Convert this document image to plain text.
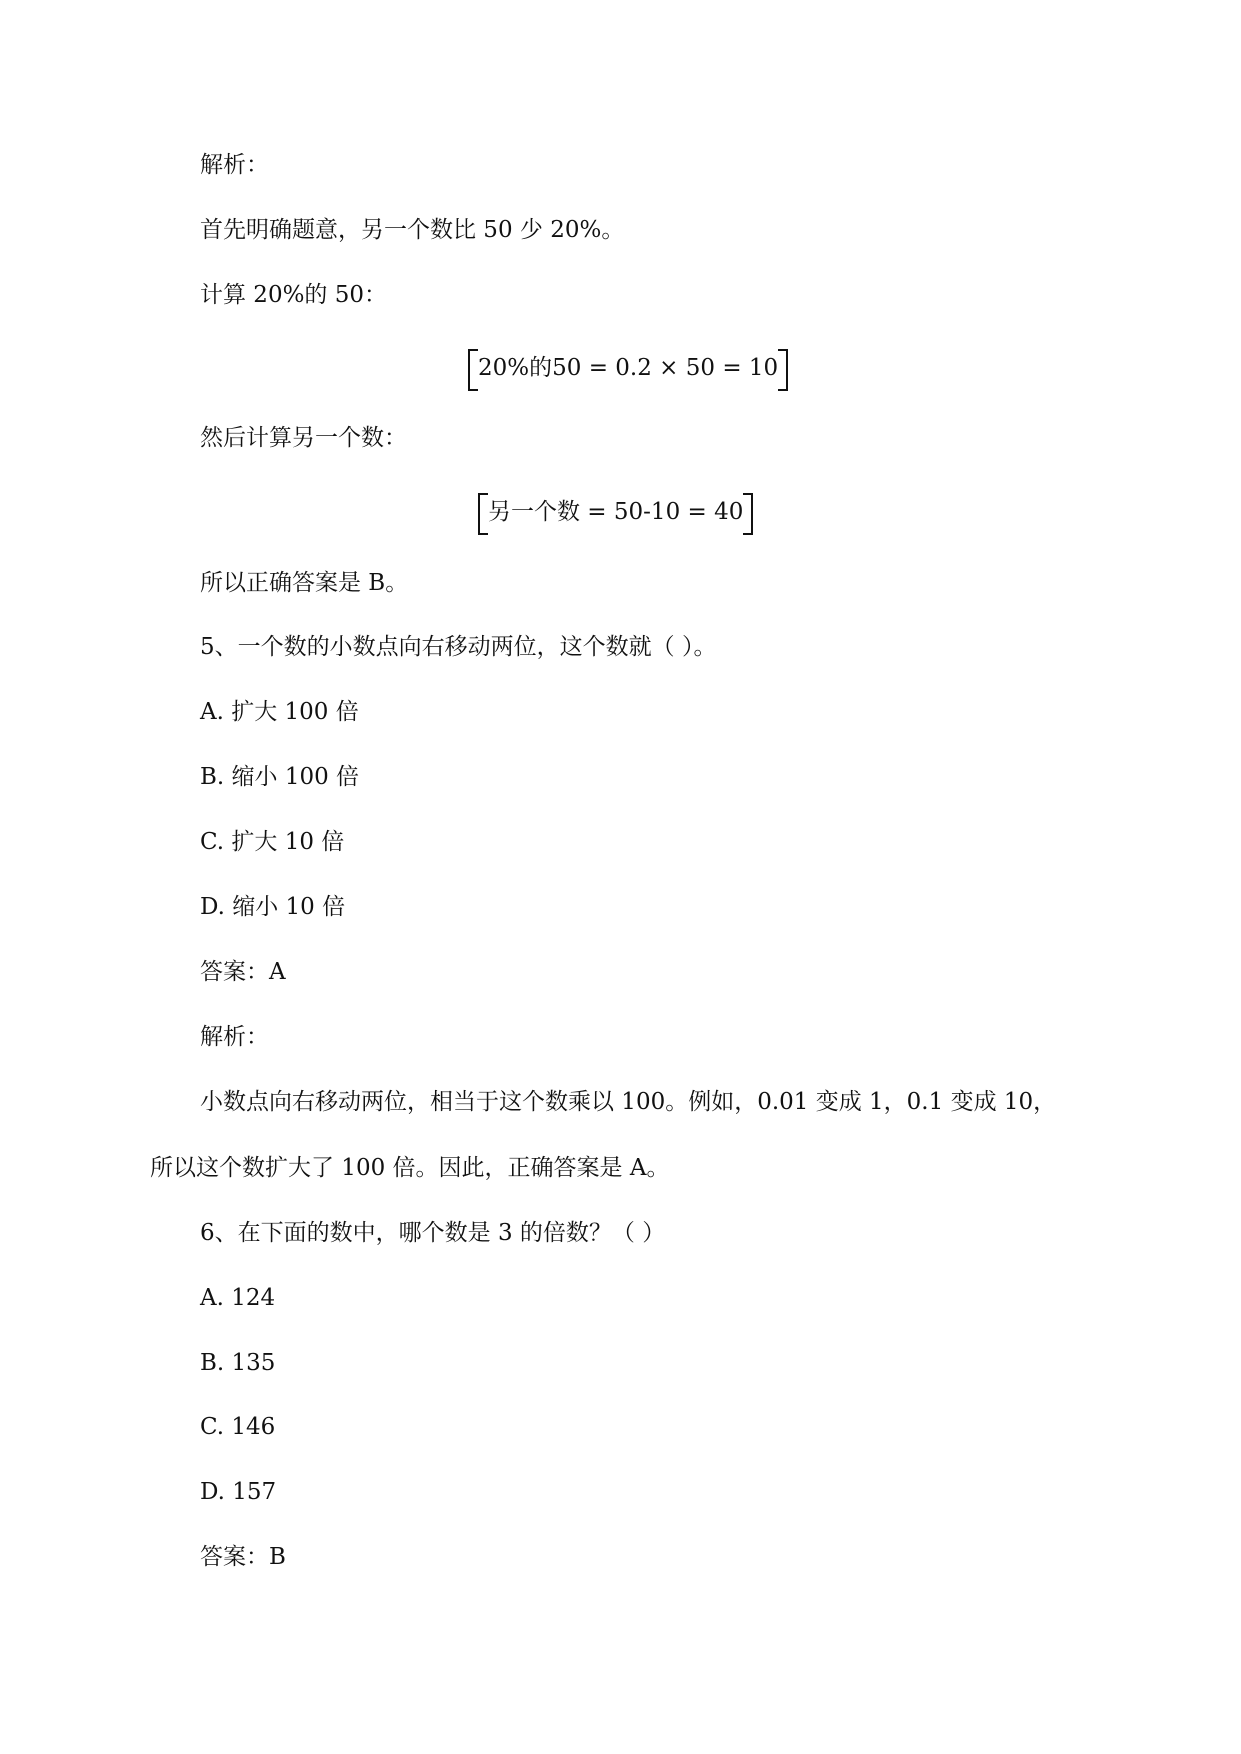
解析：
首先明确题意，另一个数比 50 少 20%。
计算 20%的 50：
20%的50 = 0.2 × 50 = 10
然后计算另一个数：
另一个数 = 50-10 = 40
所以正确答案是 B。
5、一个数的小数点向右移动两位，这个数就（ ）。
A. 扩大 100 倍
B. 缩小 100 倍
C. 扩大 10 倍
D. 缩小 10 倍
答案：A
解析：
小数点向右移动两位，相当于这个数乘以 100。例如，0.01 变成 1，0.1 变成 10，
所以这个数扩大了 100 倍。因此，正确答案是 A。
6、在下面的数中，哪个数是 3 的倍数？（ ）
A. 124
B. 135
C. 146
D. 157
答案：B
